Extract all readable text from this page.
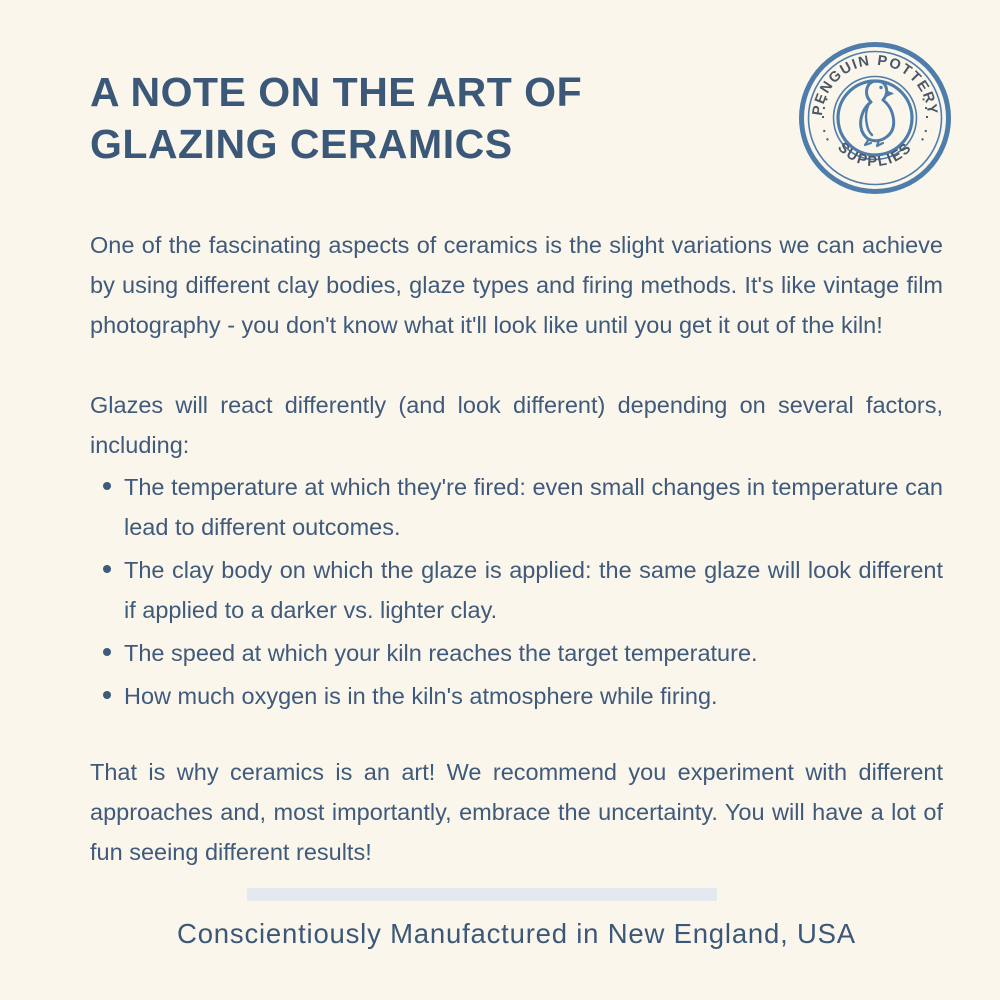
A NOTE ON THE ART OF
GLAZING CERAMICS
PENGUIN POTTERY
SUPPLIES

One of the fascinating aspects of ceramics is the slight variations we can achieve by using different clay bodies, glaze types and firing methods. It's like vintage film photography - you don't know what it'll look like until you get it out of the kiln!

Glazes will react differently (and look different) depending on several factors, including:

The temperature at which they're fired: even small changes in temperature can lead to different outcomes.
The clay body on which the glaze is applied: the same glaze will look different if applied to a darker vs. lighter clay.
The speed at which your kiln reaches the target temperature.
How much oxygen is in the kiln's atmosphere while firing.

That is why ceramics is an art! We recommend you experiment with different approaches and, most importantly, embrace the uncertainty. You will have a lot of fun seeing different results!

Conscientiously Manufactured in New England, USA
